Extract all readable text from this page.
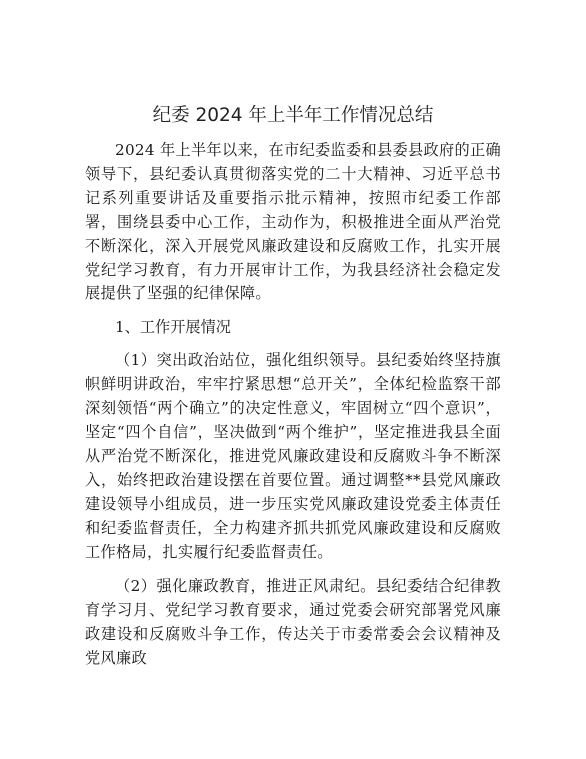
纪委 2024 年上半年工作情况总结

2024 年上半年以来，在市纪委监委和县委县政府的正确领导下，县纪委认真贯彻落实党的二十大精神、习近平总书记系列重要讲话及重要指示批示精神，按照市纪委工作部署，围绕县委中心工作，主动作为，积极推进全面从严治党不断深化，深入开展党风廉政建设和反腐败工作，扎实开展党纪学习教育，有力开展审计工作，为我县经济社会稳定发展提供了坚强的纪律保障。

1、工作开展情况

（1）突出政治站位，强化组织领导。县纪委始终坚持旗帜鲜明讲政治，牢牢拧紧思想“总开关”，全体纪检监察干部深刻领悟“两个确立”的决定性意义，牢固树立“四个意识”，坚定“四个自信”，坚决做到“两个维护”，坚定推进我县全面从严治党不断深化，推进党风廉政建设和反腐败斗争不断深入，始终把政治建设摆在首要位置。通过调整**县党风廉政建设领导小组成员，进一步压实党风廉政建设党委主体责任和纪委监督责任，全力构建齐抓共抓党风廉政建设和反腐败工作格局，扎实履行纪委监督责任。

（2）强化廉政教育，推进正风肃纪。县纪委结合纪律教育学习月、党纪学习教育要求，通过党委会研究部署党风廉政建设和反腐败斗争工作，传达关于市委常委会会议精神及党风廉政
